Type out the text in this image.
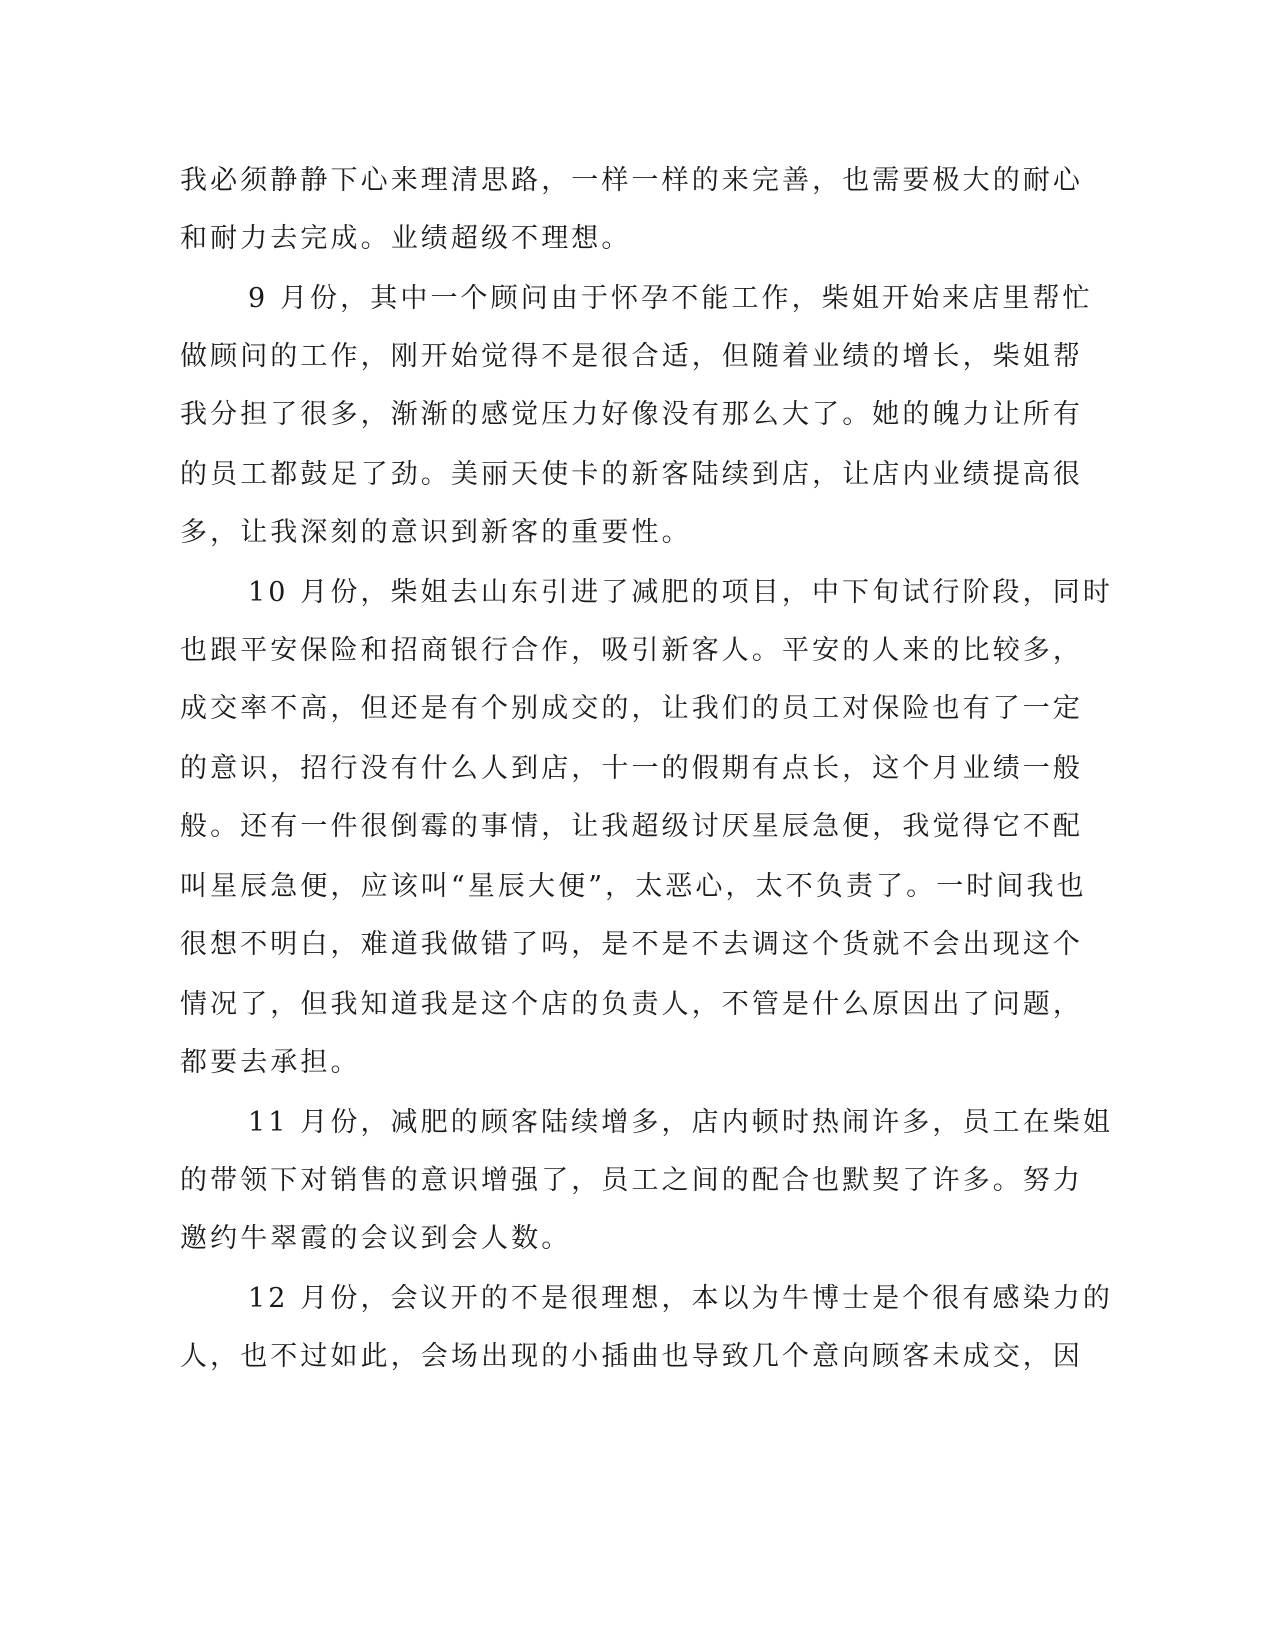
我必须静静下心来理清思路，一样一样的来完善，也需要极大的耐心
和耐力去完成。业绩超级不理想。
9 月份，其中一个顾问由于怀孕不能工作，柴姐开始来店里帮忙
做顾问的工作，刚开始觉得不是很合适，但随着业绩的增长，柴姐帮
我分担了很多，渐渐的感觉压力好像没有那么大了。她的魄力让所有
的员工都鼓足了劲。美丽天使卡的新客陆续到店，让店内业绩提高很
多，让我深刻的意识到新客的重要性。
10 月份，柴姐去山东引进了减肥的项目，中下旬试行阶段，同时
也跟平安保险和招商银行合作，吸引新客人。平安的人来的比较多，
成交率不高，但还是有个别成交的，让我们的员工对保险也有了一定
的意识，招行没有什么人到店，十一的假期有点长，这个月业绩一般
般。还有一件很倒霉的事情，让我超级讨厌星辰急便，我觉得它不配
叫星辰急便，应该叫“星辰大便”，太恶心，太不负责了。一时间我也
很想不明白，难道我做错了吗，是不是不去调这个货就不会出现这个
情况了，但我知道我是这个店的负责人，不管是什么原因出了问题，
都要去承担。
11 月份，减肥的顾客陆续增多，店内顿时热闹许多，员工在柴姐
的带领下对销售的意识增强了，员工之间的配合也默契了许多。努力
邀约牛翠霞的会议到会人数。
12 月份，会议开的不是很理想，本以为牛博士是个很有感染力的
人，也不过如此，会场出现的小插曲也导致几个意向顾客未成交，因
